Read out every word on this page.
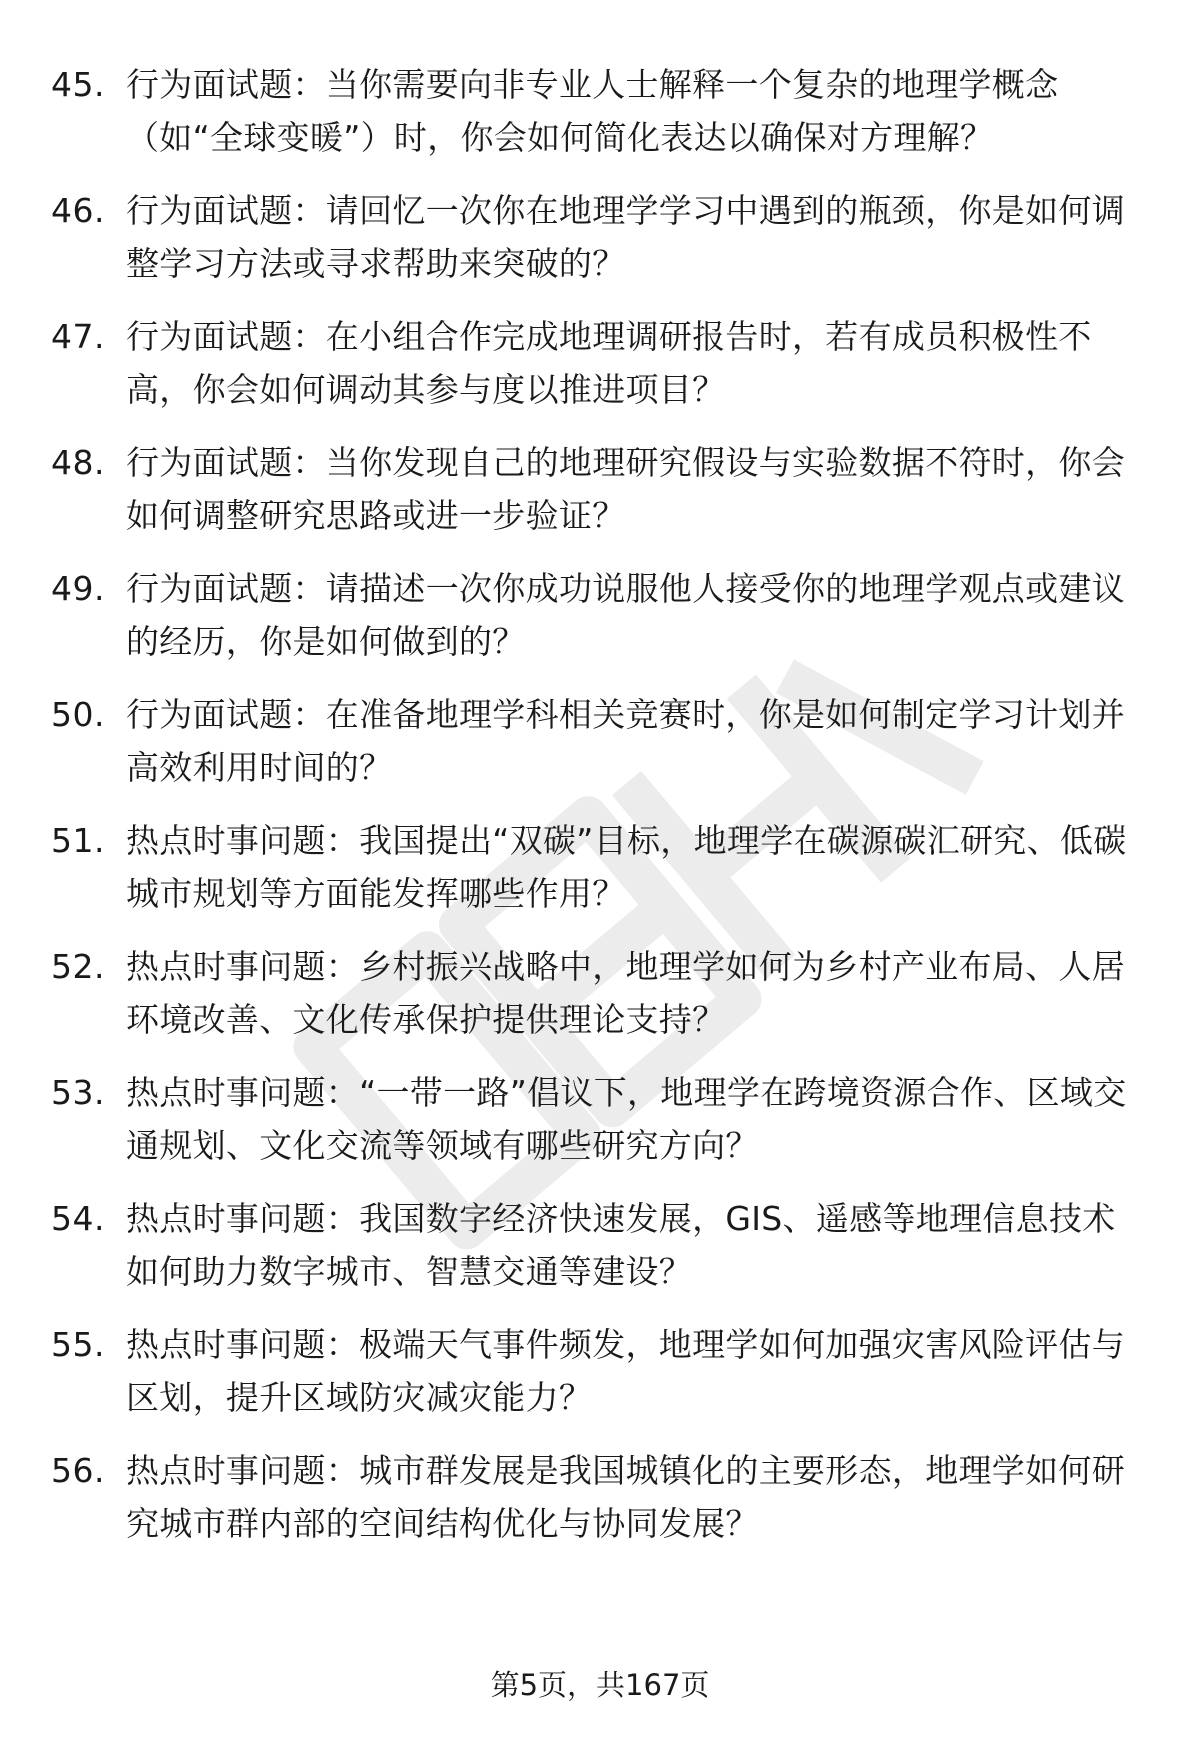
45. 行为面试题：当你需要向非专业人士解释一个复杂的地理学概念（如“全球变暖”）时，你会如何简化表达以确保对方理解？
46. 行为面试题：请回忆一次你在地理学学习中遇到的瓶颈，你是如何调整学习方法或寻求帮助来突破的？
47. 行为面试题：在小组合作完成地理调研报告时，若有成员积极性不高，你会如何调动其参与度以推进项目？
48. 行为面试题：当你发现自己的地理研究假设与实验数据不符时，你会如何调整研究思路或进一步验证？
49. 行为面试题：请描述一次你成功说服他人接受你的地理学观点或建议的经历，你是如何做到的？
50. 行为面试题：在准备地理学科相关竞赛时，你是如何制定学习计划并高效利用时间的？
51. 热点时事问题：我国提出“双碳”目标，地理学在碳源碳汇研究、低碳城市规划等方面能发挥哪些作用？
52. 热点时事问题：乡村振兴战略中，地理学如何为乡村产业布局、人居环境改善、文化传承保护提供理论支持？
53. 热点时事问题：“一带一路”倡议下，地理学在跨境资源合作、区域交通规划、文化交流等领域有哪些研究方向？
54. 热点时事问题：我国数字经济快速发展，GIS、遥感等地理信息技术如何助力数字城市、智慧交通等建设？
55. 热点时事问题：极端天气事件频发，地理学如何加强灾害风险评估与区划，提升区域防灾减灾能力？
56. 热点时事问题：城市群发展是我国城镇化的主要形态，地理学如何研究城市群内部的空间结构优化与协同发展？
第5页，共167页
